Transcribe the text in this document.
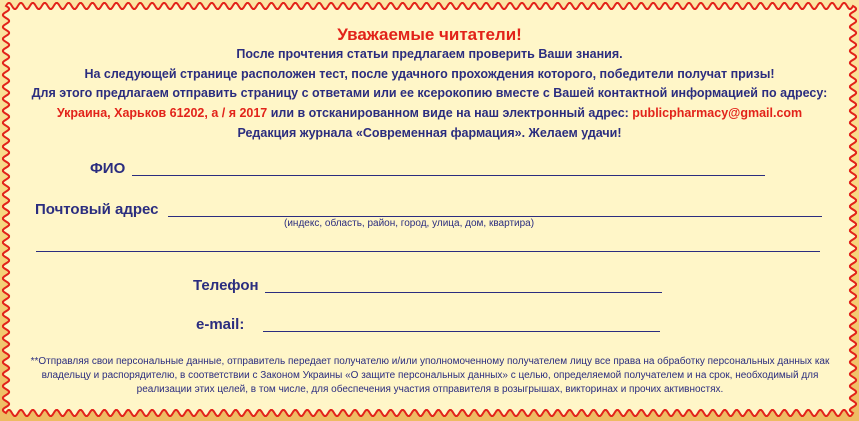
Уважаемые читатели!
После прочтения статьи предлагаем проверить Ваши знания.
На следующей странице расположен тест, после удачного прохождения которого, победители получат призы!
Для этого предлагаем отправить страницу с ответами или ее ксерокопию вместе с Вашей контактной информацией по адресу:
Украина, Харьков 61202, а / я 2017 или в отсканированном виде на наш электронный адрес: publicpharmacy@gmail.com
Редакция журнала «Современная фармация». Желаем удачи!
ФИО
Почтовый адрес
(индекс, область, район, город, улица, дом, квартира)
Телефон
e-mail:
**Отправляя свои персональные данные, отправитель передает получателю и/или уполномоченному получателем лицу все права на обработку персональных данных как владельцу и распорядителю, в соответствии с Законом Украины «О защите персональных данных» с целью, определяемой получателем и на срок, необходимый для реализации этих целей, в том числе, для обеспечения участия отправителя в розыгрышах, викторинах и прочих активностях.
